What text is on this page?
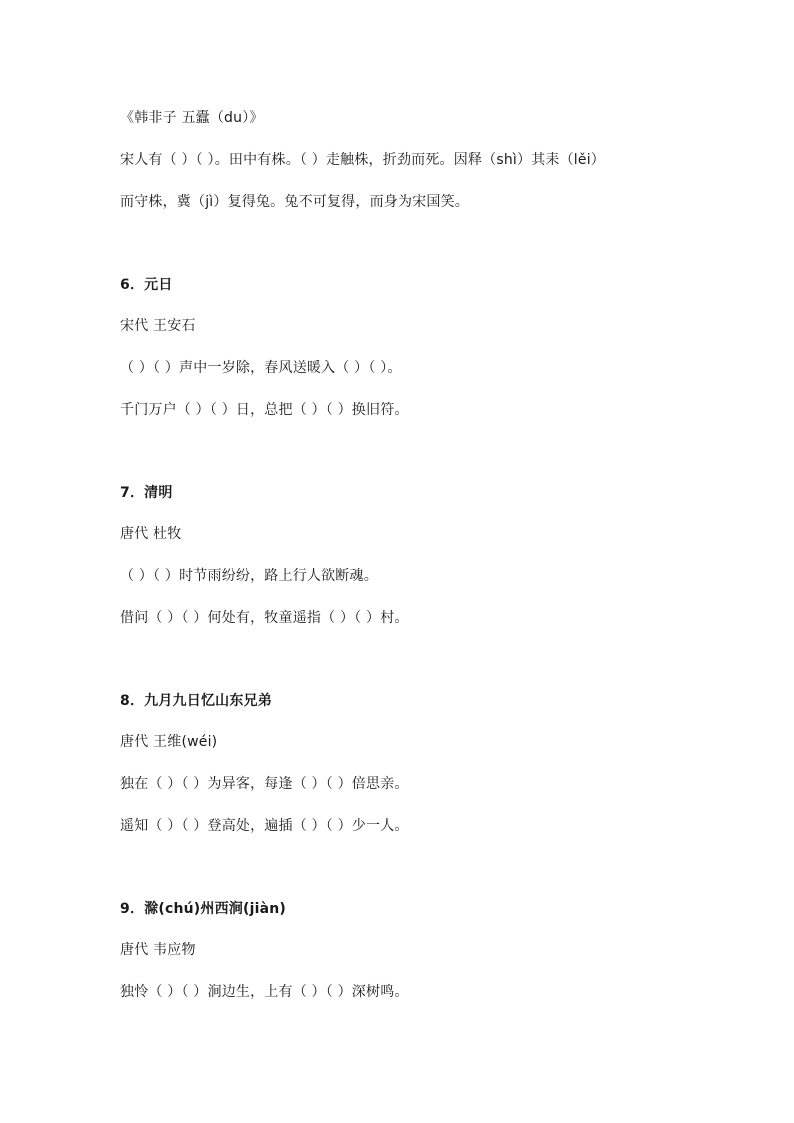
《韩非子 五蠹（du）》
宋人有（ ）（ ）。田中有株。（ ）走触株，折劲而死。因释（shì）其耒（lěi）
而守株，冀（jì）复得兔。兔不可复得，而身为宋国笑。
6．元日
宋代 王安石
（ ）（ ）声中一岁除，春风送暖入（ ）（ ）。
千门万户（ ）（ ）日，总把（ ）（ ）换旧符。
7．清明
唐代 杜牧
（ ）（ ）时节雨纷纷，路上行人欲断魂。
借问（ ）（ ）何处有，牧童遥指（ ）（ ）村。
8．九月九日忆山东兄弟
唐代 王维(wéi)
独在（ ）（ ）为异客，每逢（ ）（ ）倍思亲。
遥知（ ）（ ）登高处，遍插（ ）（ ）少一人。
9．滁(chú)州西涧(jiàn)
唐代 韦应物
独怜（ ）（ ）涧边生，上有（ ）（ ）深树鸣。
